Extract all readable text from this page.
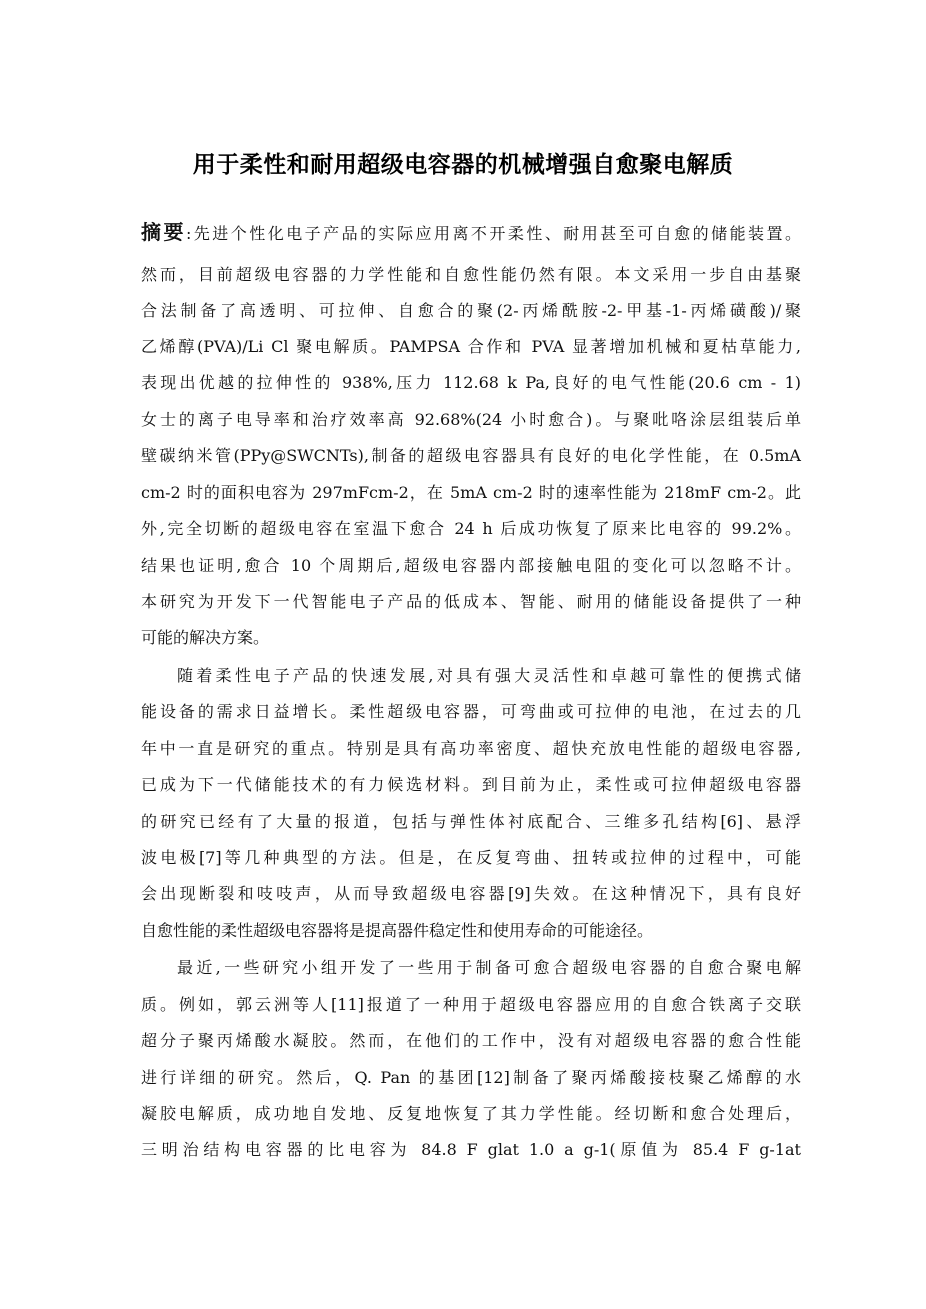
用于柔性和耐用超级电容器的机械增强自愈聚电解质
摘要:先进个性化电子产品的实际应用离不开柔性、耐用甚至可自愈的储能装置。
然而，目前超级电容器的力学性能和自愈性能仍然有限。本文采用一步自由基聚
合法制备了高透明、可拉伸、自愈合的聚(2-丙烯酰胺-2-甲基-1-丙烯磺酸)/聚
乙烯醇(PVA)/Li Cl 聚电解质。PAMPSA 合作和 PVA 显著增加机械和夏枯草能力,
表现出优越的拉伸性的 938%,压力 112.68 k Pa,良好的电气性能(20.6 cm - 1)
女士的离子电导率和治疗效率高 92.68%(24 小时愈合)。与聚吡咯涂层组装后单
壁碳纳米管(PPy@SWCNTs),制备的超级电容器具有良好的电化学性能，在 0.5mA
cm-2 时的面积电容为 297mFcm-2，在 5mA cm-2 时的速率性能为 218mF cm-2。此
外,完全切断的超级电容在室温下愈合 24 h 后成功恢复了原来比电容的 99.2%。
结果也证明,愈合 10 个周期后,超级电容器内部接触电阻的变化可以忽略不计。
本研究为开发下一代智能电子产品的低成本、智能、耐用的储能设备提供了一种
可能的解决方案。
随着柔性电子产品的快速发展,对具有强大灵活性和卓越可靠性的便携式储
能设备的需求日益增长。柔性超级电容器，可弯曲或可拉伸的电池，在过去的几
年中一直是研究的重点。特别是具有高功率密度、超快充放电性能的超级电容器,
已成为下一代储能技术的有力候选材料。到目前为止，柔性或可拉伸超级电容器
的研究已经有了大量的报道，包括与弹性体衬底配合、三维多孔结构[6]、悬浮
波电极[7]等几种典型的方法。但是，在反复弯曲、扭转或拉伸的过程中，可能
会出现断裂和吱吱声，从而导致超级电容器[9]失效。在这种情况下，具有良好
自愈性能的柔性超级电容器将是提高器件稳定性和使用寿命的可能途径。
最近,一些研究小组开发了一些用于制备可愈合超级电容器的自愈合聚电解
质。例如，郭云洲等人[11]报道了一种用于超级电容器应用的自愈合铁离子交联
超分子聚丙烯酸水凝胶。然而，在他们的工作中，没有对超级电容器的愈合性能
进行详细的研究。然后，Q. Pan 的基团[12]制备了聚丙烯酸接枝聚乙烯醇的水
凝胶电解质，成功地自发地、反复地恢复了其力学性能。经切断和愈合处理后，
三明治结构电容器的比电容为 84.8 F glat 1.0 a g-1(原值为 85.4 F g-1at
